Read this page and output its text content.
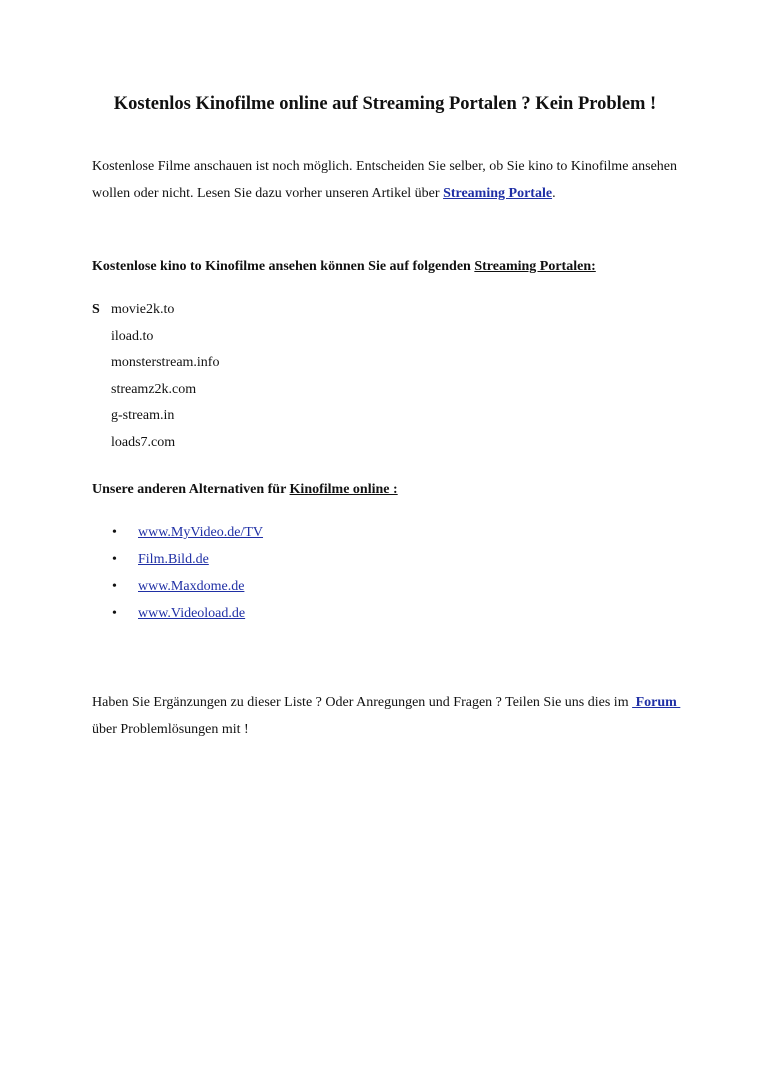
Kostenlos Kinofilme online auf Streaming Portalen ? Kein Problem !

Kostenlose Filme anschauen ist noch möglich. Entscheiden Sie selber, ob Sie kino to Kinofilme ansehen wollen oder nicht. Lesen Sie dazu vorher unseren Artikel über Streaming Portale.

Kostenlose kino to Kinofilme ansehen können Sie auf folgenden Streaming Portalen:

S movie2k.to
iload.to
monsterstream.info
streamz2k.com
g-stream.in
loads7.com

Unsere anderen Alternativen für Kinofilme online :

• www.MyVideo.de/TV
• Film.Bild.de
• www.Maxdome.de
• www.Videoload.de

Haben Sie Ergänzungen zu dieser Liste ? Oder Anregungen und Fragen ? Teilen Sie uns dies im  Forum  über Problemlösungen mit !
